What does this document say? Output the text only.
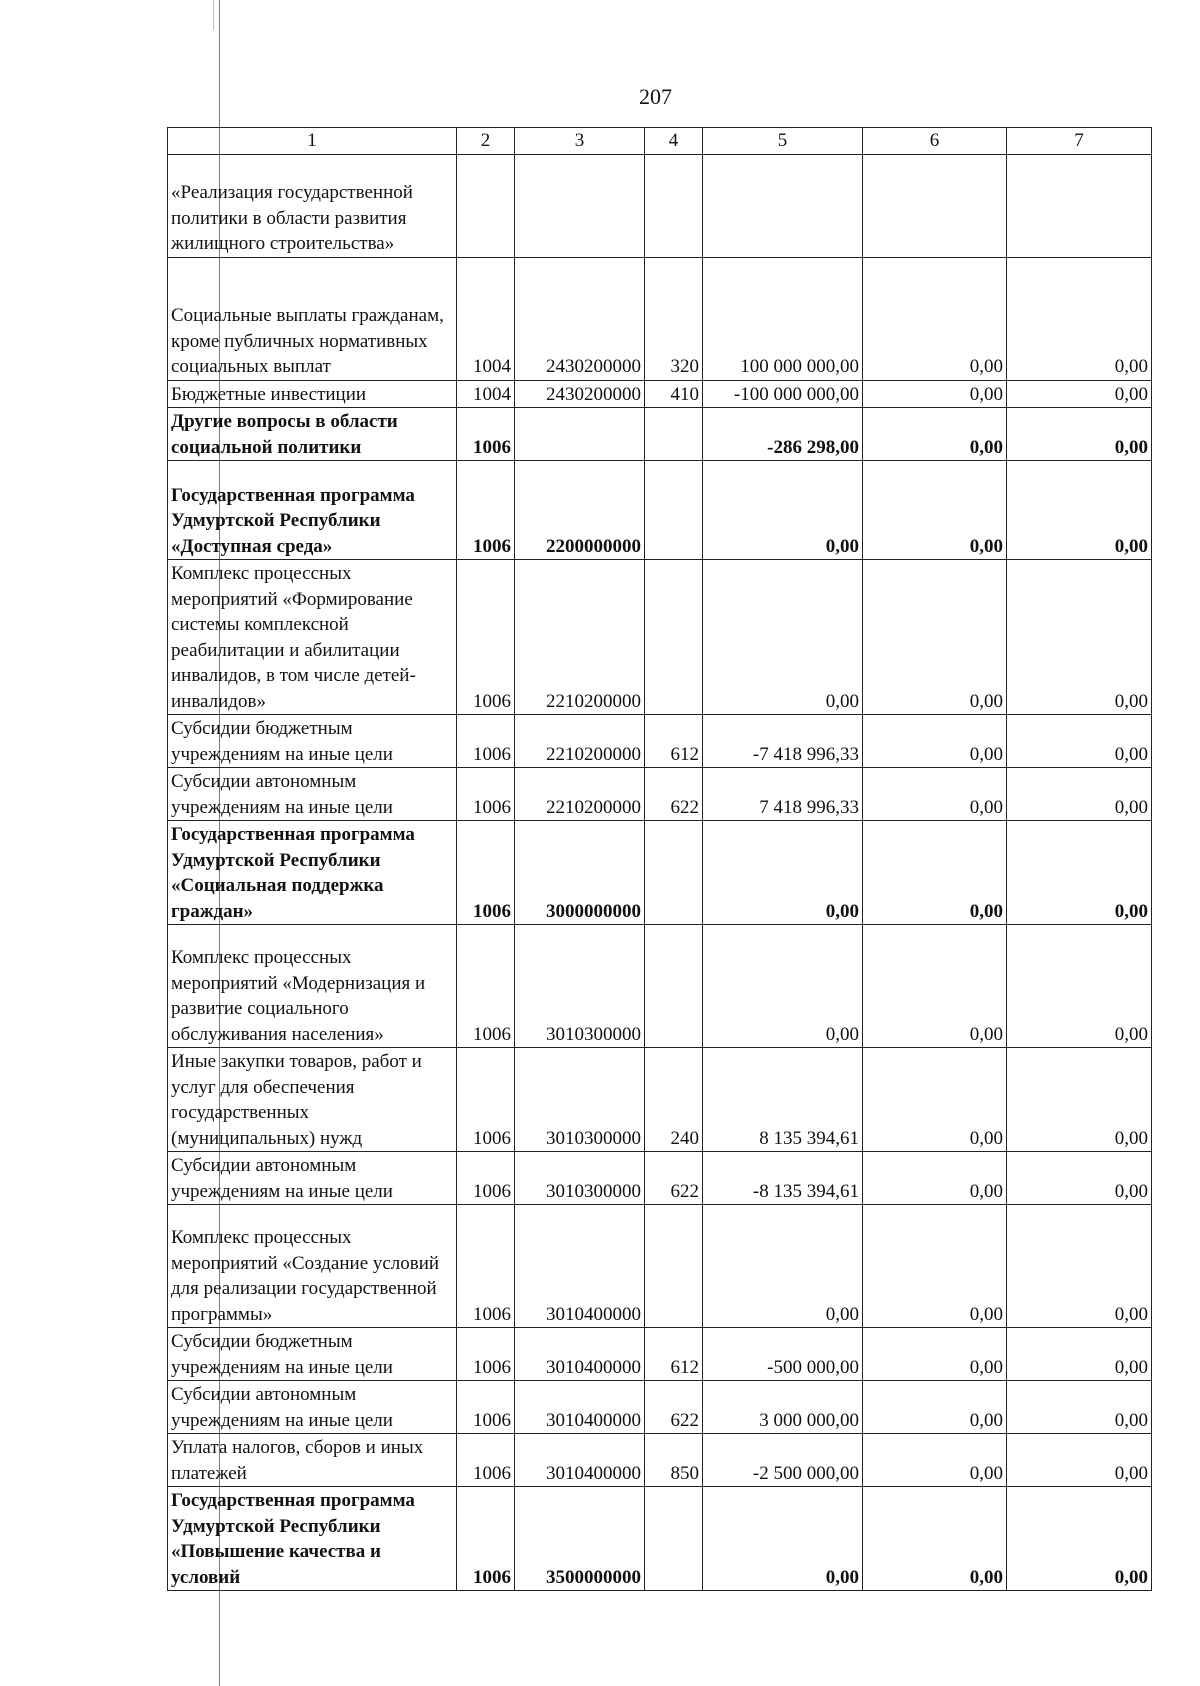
207
1	2	3	4	5	6	7
«Реализация государственной политики в области развития жилищного строительства»						
Социальные выплаты гражданам, кроме публичных нормативных социальных выплат	1004	2430200000	320	100 000 000,00	0,00	0,00
Бюджетные инвестиции	1004	2430200000	410	-100 000 000,00	0,00	0,00
Другие вопросы в области социальной политики	1006			-286 298,00	0,00	0,00
Государственная программа Удмуртской Республики «Доступная среда»	1006	2200000000		0,00	0,00	0,00
Комплекс процессных мероприятий «Формирование системы комплексной реабилитации и абилитации инвалидов, в том числе детей-инвалидов»	1006	2210200000		0,00	0,00	0,00
Субсидии бюджетным учреждениям на иные цели	1006	2210200000	612	-7 418 996,33	0,00	0,00
Субсидии автономным учреждениям на иные цели	1006	2210200000	622	7 418 996,33	0,00	0,00
Государственная программа Удмуртской Республики «Социальная поддержка граждан»	1006	3000000000		0,00	0,00	0,00
Комплекс процессных мероприятий «Модернизация и развитие социального обслуживания населения»	1006	3010300000		0,00	0,00	0,00
Иные закупки товаров, работ и услуг для обеспечения государственных (муниципальных) нужд	1006	3010300000	240	8 135 394,61	0,00	0,00
Субсидии автономным учреждениям на иные цели	1006	3010300000	622	-8 135 394,61	0,00	0,00
Комплекс процессных мероприятий «Создание условий для реализации государственной программы»	1006	3010400000		0,00	0,00	0,00
Субсидии бюджетным учреждениям на иные цели	1006	3010400000	612	-500 000,00	0,00	0,00
Субсидии автономным учреждениям на иные цели	1006	3010400000	622	3 000 000,00	0,00	0,00
Уплата налогов, сборов и иных платежей	1006	3010400000	850	-2 500 000,00	0,00	0,00
Государственная программа Удмуртской Республики «Повышение качества и условий	1006	3500000000		0,00	0,00	0,00
